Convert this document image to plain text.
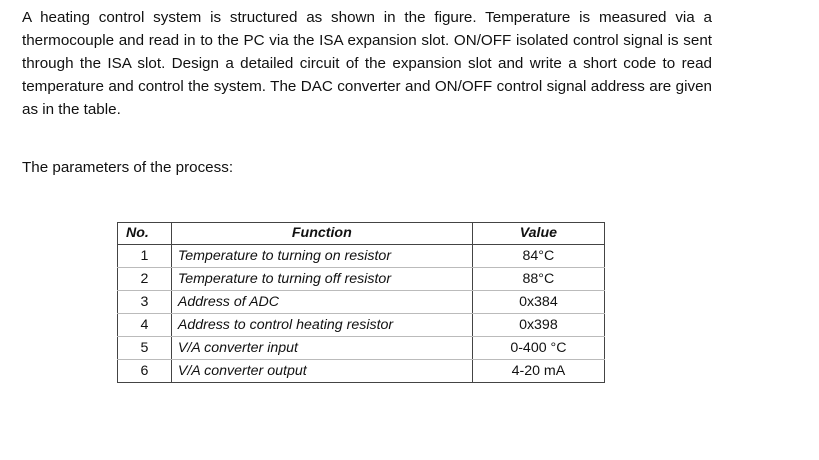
A heating control system is structured as shown in the figure. Temperature is measured via a thermocouple and read in to the PC via the ISA expansion slot. ON/OFF isolated control signal is sent through the ISA slot. Design a detailed circuit of the expansion slot and write a short code to read temperature and control the system. The DAC converter and ON/OFF control signal address are given as in the table.

The parameters of the process:

No.	Function	Value
1	Temperature to turning on resistor	84°C
2	Temperature to turning off resistor	88°C
3	Address of ADC	0x384
4	Address to control heating resistor	0x398
5	V/A converter input	0-400 °C
6	V/A converter output	4-20 mA
